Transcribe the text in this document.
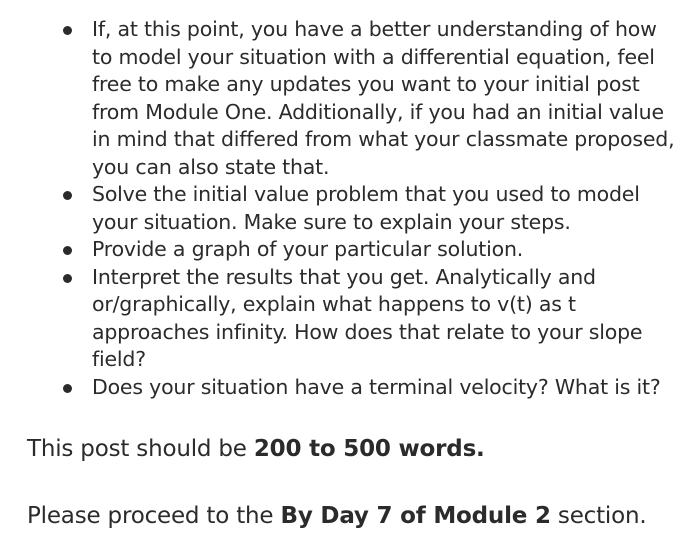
If, at this point, you have a better understanding of how to model your situation with a differential equation, feel free to make any updates you want to your initial post from Module One. Additionally, if you had an initial value in mind that differed from what your classmate proposed, you can also state that.
Solve the initial value problem that you used to model your situation. Make sure to explain your steps.
Provide a graph of your particular solution.
Interpret the results that you get. Analytically and or/graphically, explain what happens to v(t) as t approaches infinity. How does that relate to your slope field?
Does your situation have a terminal velocity? What is it?
This post should be 200 to 500 words.
Please proceed to the By Day 7 of Module 2 section.
